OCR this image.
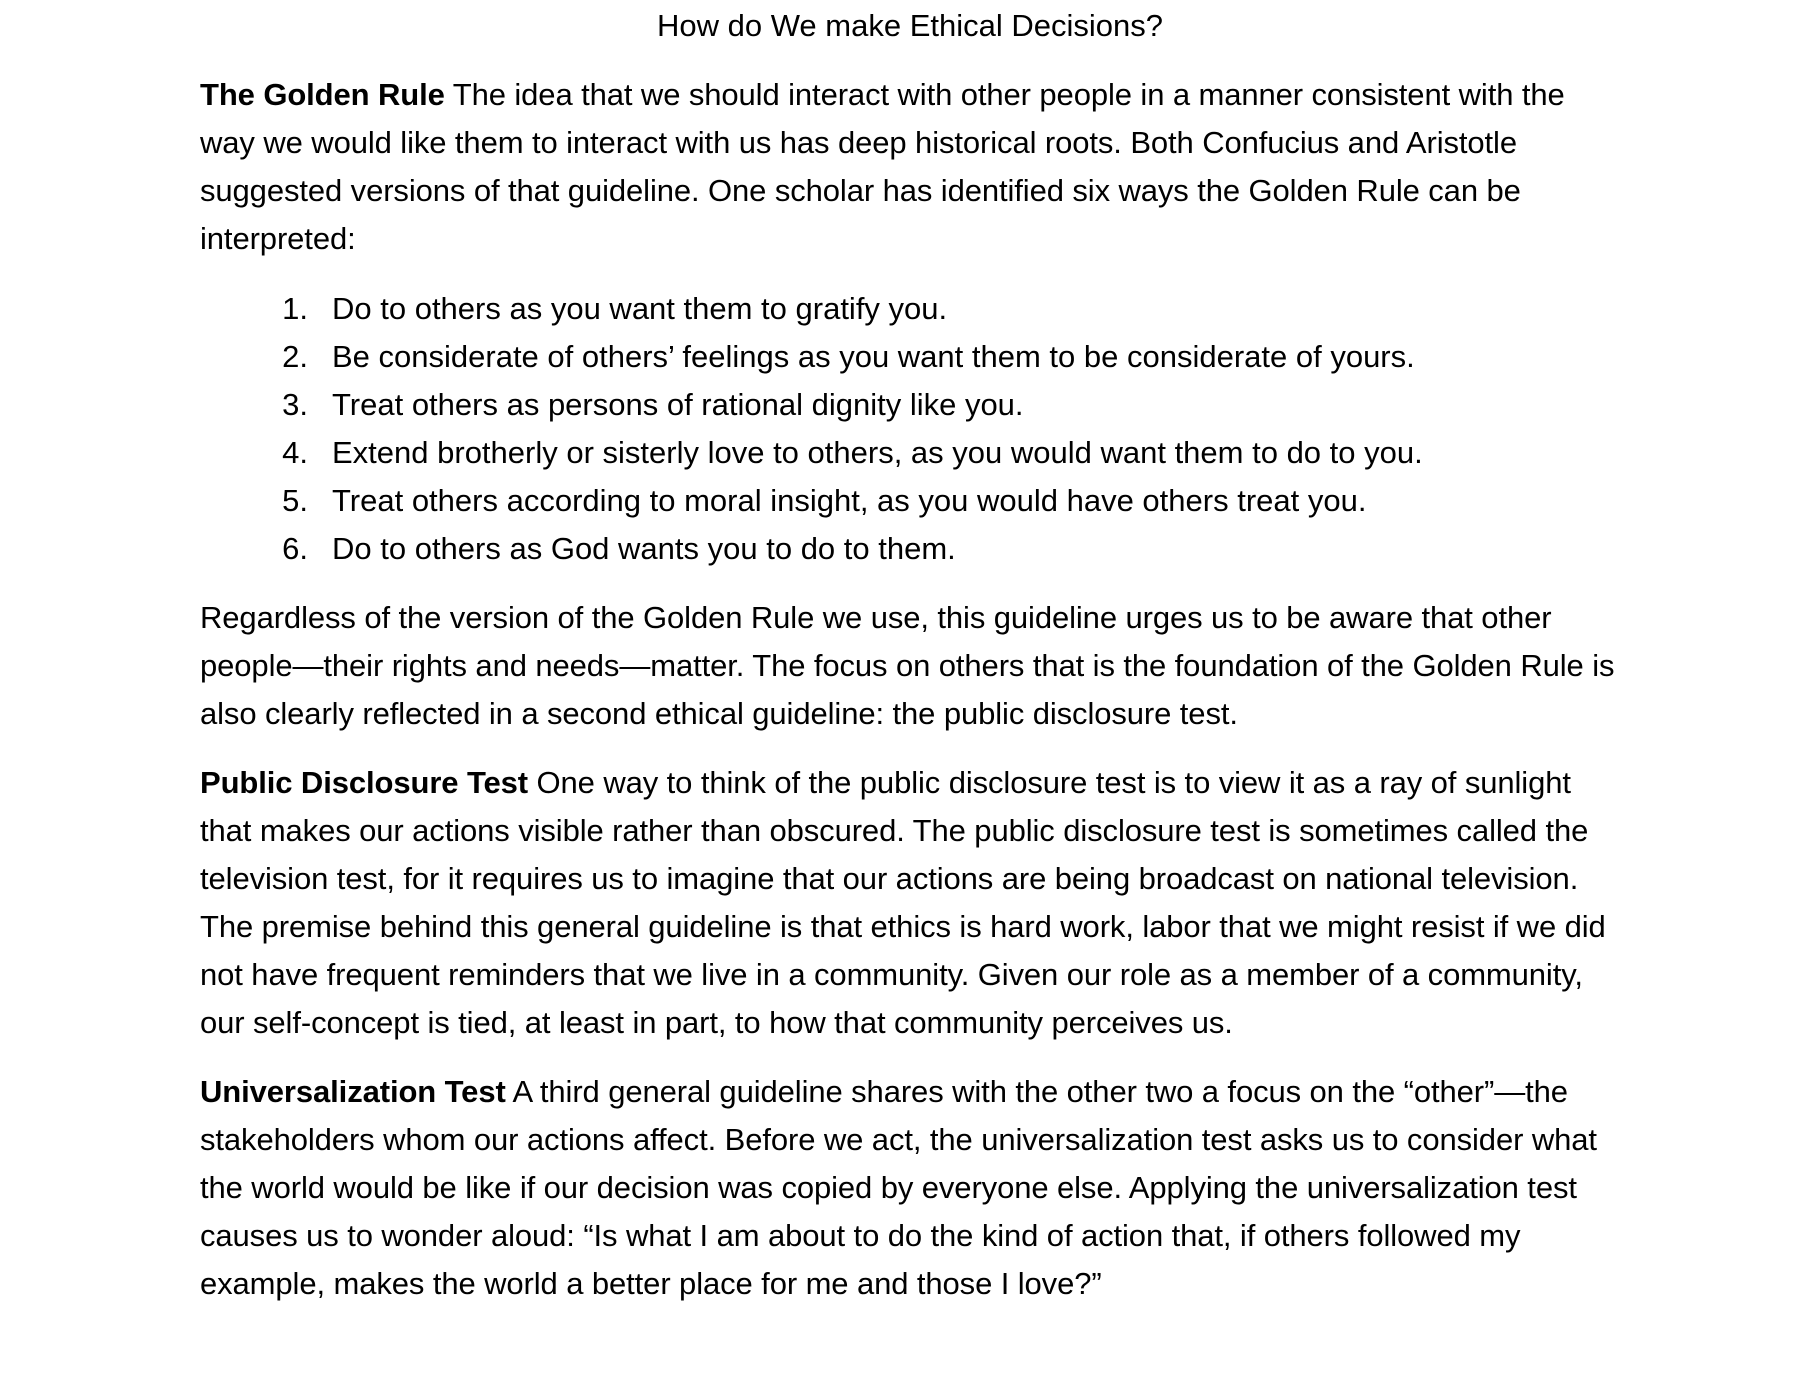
How do We make Ethical Decisions?

The Golden Rule The idea that we should interact with other people in a manner consistent with the way we would like them to interact with us has deep historical roots. Both Confucius and Aristotle suggested versions of that guideline. One scholar has identified six ways the Golden Rule can be interpreted:

1. Do to others as you want them to gratify you.
2. Be considerate of others’ feelings as you want them to be considerate of yours.
3. Treat others as persons of rational dignity like you.
4. Extend brotherly or sisterly love to others, as you would want them to do to you.
5. Treat others according to moral insight, as you would have others treat you.
6. Do to others as God wants you to do to them.

Regardless of the version of the Golden Rule we use, this guideline urges us to be aware that other people—their rights and needs—matter. The focus on others that is the foundation of the Golden Rule is also clearly reflected in a second ethical guideline: the public disclosure test.

Public Disclosure Test One way to think of the public disclosure test is to view it as a ray of sunlight that makes our actions visible rather than obscured. The public disclosure test is sometimes called the television test, for it requires us to imagine that our actions are being broadcast on national television. The premise behind this general guideline is that ethics is hard work, labor that we might resist if we did not have frequent reminders that we live in a community. Given our role as a member of a community, our self-concept is tied, at least in part, to how that community perceives us.

Universalization Test A third general guideline shares with the other two a focus on the “other”—the stakeholders whom our actions affect. Before we act, the universalization test asks us to consider what the world would be like if our decision was copied by everyone else. Applying the universalization test causes us to wonder aloud: “Is what I am about to do the kind of action that, if others followed my example, makes the world a better place for me and those I love?”
